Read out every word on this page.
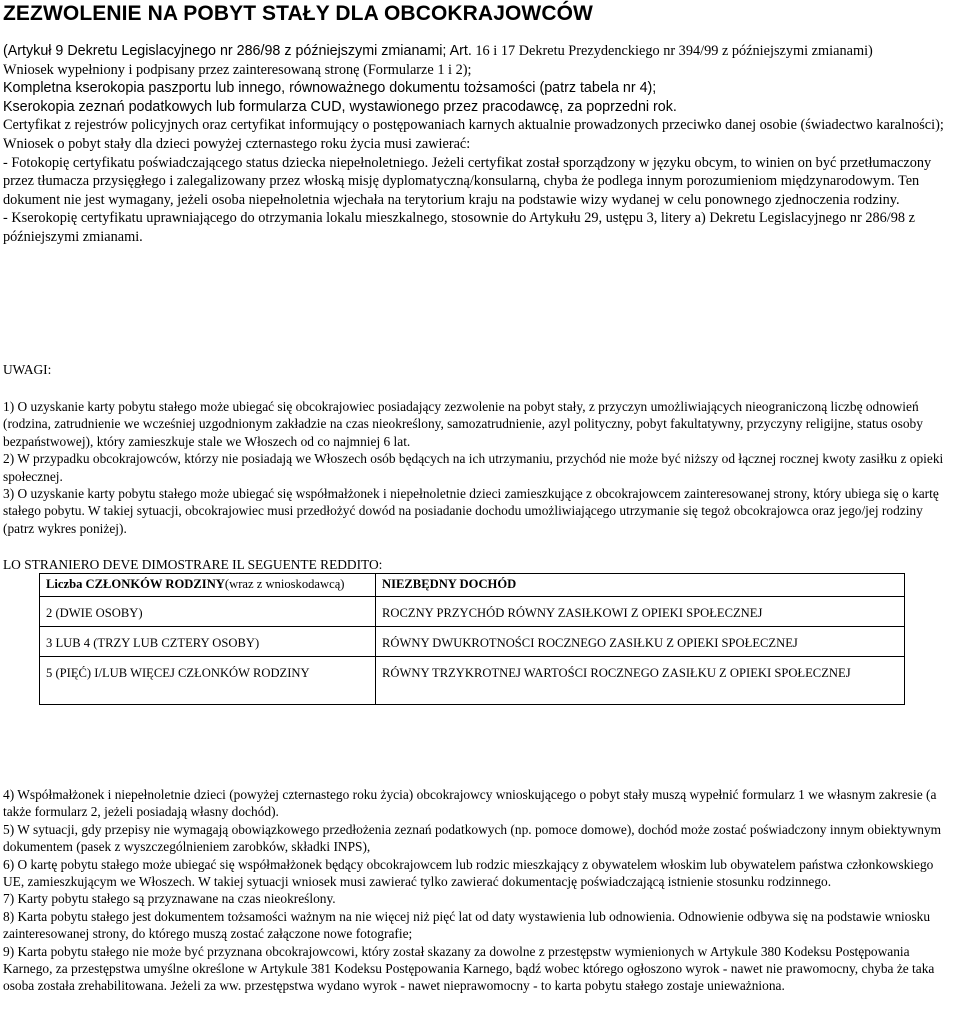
ZEZWOLENIE NA POBYT STAŁY DLA OBCOKRAJOWCÓW

(Artykuł 9 Dekretu Legislacyjnego nr 286/98 z późniejszymi zmianami; Art. 16 i 17 Dekretu Prezydenckiego nr 394/99 z późniejszymi zmianami)

Wniosek wypełniony i podpisany przez zainteresowaną stronę (Formularze 1 i 2);

Kompletna kserokopia paszportu lub innego, równoważnego dokumentu tożsamości (patrz tabela nr 4);

Kserokopia zeznań podatkowych lub formularza CUD, wystawionego przez pracodawcę, za poprzedni rok.

Certyfikat z rejestrów policyjnych oraz certyfikat informujący o postępowaniach karnych aktualnie prowadzonych przeciwko danej osobie (świadectwo karalności);

Wniosek o pobyt stały dla dzieci powyżej czternastego roku życia musi zawierać:

- Fotokopię certyfikatu poświadczającego status dziecka niepełnoletniego. Jeżeli certyfikat został sporządzony w języku obcym, to winien on być przetłumaczony przez tłumacza przysięgłego i zalegalizowany przez włoską misję dyplomatyczną/konsularną, chyba że podlega innym porozumieniom międzynarodowym. Ten dokument nie jest wymagany, jeżeli osoba niepełnoletnia wjechała na terytorium kraju na podstawie wizy wydanej w celu ponownego zjednoczenia rodziny.

- Kserokopię certyfikatu uprawniającego do otrzymania lokalu mieszkalnego, stosownie do Artykułu 29, ustępu 3, litery a) Dekretu Legislacyjnego nr 286/98 z późniejszymi zmianami.

UWAGI:

1) O uzyskanie karty pobytu stałego może ubiegać się obcokrajowiec posiadający zezwolenie na pobyt stały, z przyczyn umożliwiających nieograniczoną liczbę odnowień (rodzina, zatrudnienie we wcześniej uzgodnionym zakładzie na czas nieokreślony, samozatrudnienie, azyl polityczny, pobyt fakultatywny, przyczyny religijne, status osoby bezpaństwowej), który zamieszkuje stale we Włoszech od co najmniej 6 lat.

2) W przypadku obcokrajowców, którzy nie posiadają we Włoszech osób będących na ich utrzymaniu, przychód nie może być niższy od łącznej rocznej kwoty zasiłku z opieki społecznej.

3) O uzyskanie karty pobytu stałego może ubiegać się współmałżonek i niepełnoletnie dzieci zamieszkujące z obcokrajowcem zainteresowanej strony, który ubiega się o kartę stałego pobytu. W takiej sytuacji, obcokrajowiec musi przedłożyć dowód na posiadanie dochodu umożliwiającego utrzymanie się tegoż obcokrajowca oraz jego/jej rodziny (patrz wykres poniżej).

LO STRANIERO DEVE DIMOSTRARE IL SEGUENTE REDDITO:

Liczba CZŁONKÓW RODZINY(wraz z wnioskodawcą)	NIEZBĘDNY DOCHÓD
2 (DWIE OSOBY)	ROCZNY PRZYCHÓD RÓWNY ZASIŁKOWI Z OPIEKI SPOŁECZNEJ
3 LUB 4 (TRZY LUB CZTERY OSOBY)	RÓWNY DWUKROTNOŚCI ROCZNEGO ZASIŁKU Z OPIEKI SPOŁECZNEJ
5 (PIĘĆ) I/LUB WIĘCEJ CZŁONKÓW RODZINY	RÓWNY TRZYKROTNEJ WARTOŚCI ROCZNEGO ZASIŁKU Z OPIEKI SPOŁECZNEJ

4) Współmałżonek i niepełnoletnie dzieci (powyżej czternastego roku życia) obcokrajowcy wnioskującego o pobyt stały muszą wypełnić formularz 1 we własnym zakresie (a także formularz 2, jeżeli posiadają własny dochód).

5) W sytuacji, gdy przepisy nie wymagają obowiązkowego przedłożenia zeznań podatkowych (np. pomoce domowe), dochód może zostać poświadczony innym obiektywnym dokumentem (pasek z wyszczególnieniem zarobków, składki INPS),

6) O kartę pobytu stałego może ubiegać się współmałżonek będący obcokrajowcem lub rodzic mieszkający z obywatelem włoskim lub obywatelem państwa członkowskiego UE, zamieszkującym we Włoszech. W takiej sytuacji wniosek musi zawierać tylko zawierać dokumentację poświadczającą istnienie stosunku rodzinnego.

7) Karty pobytu stałego są przyznawane na czas nieokreślony.

8) Karta pobytu stałego jest dokumentem tożsamości ważnym na nie więcej niż pięć lat od daty wystawienia lub odnowienia. Odnowienie odbywa się na podstawie wniosku zainteresowanej strony, do którego muszą zostać załączone nowe fotografie;

9) Karta pobytu stałego nie może być przyznana obcokrajowcowi, który został skazany za dowolne z przestępstw wymienionych w Artykule 380 Kodeksu Postępowania Karnego, za przestępstwa umyślne określone w Artykule 381 Kodeksu Postępowania Karnego, bądź wobec którego ogłoszono wyrok - nawet nie prawomocny, chyba że taka osoba została zrehabilitowana. Jeżeli za ww. przestępstwa wydano wyrok - nawet nieprawomocny - to karta pobytu stałego zostaje unieważniona.
